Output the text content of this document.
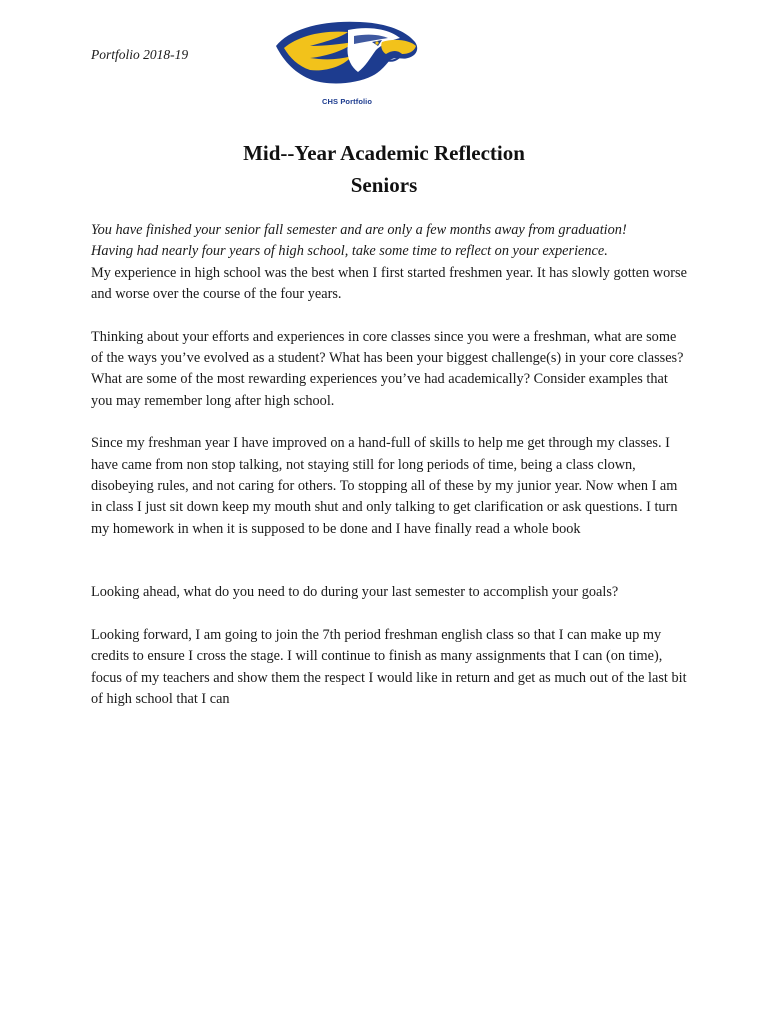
Portfolio 2018-19
CHS Portfolio
Mid--Year Academic Reflection
Seniors

You have finished your senior fall semester and are only a few months away from graduation!

Having had nearly four years of high school, take some time to reflect on your experience.

My experience in high school was the best when I first started freshmen year. It has slowly gotten worse and worse over the course of the four years.

Thinking about your efforts and experiences in core classes since you were a freshman, what are some of the ways you’ve evolved as a student? What has been your biggest challenge(s) in your core classes? What are some of the most rewarding experiences you’ve had academically? Consider examples that you may remember long after high school.

Since my freshman year I have improved on a hand-full of skills to help me get through my classes. I have came from non stop talking, not staying still for long periods of time, being a class clown, disobeying rules, and not caring for others. To stopping all of these by my junior year. Now when I am in class I just sit down keep my mouth shut and only talking to get clarification or ask questions. I turn my homework in when it is supposed to be done and I have finally read a whole book

Looking ahead, what do you need to do during your last semester to accomplish your goals?

Looking forward, I am going to join the 7th period freshman english class so that I can make up my credits to ensure I cross the stage. I will continue to finish as many assignments that I can (on time), focus of my teachers and show them the respect I would like in return and get as much out of the last bit of high school that I can
